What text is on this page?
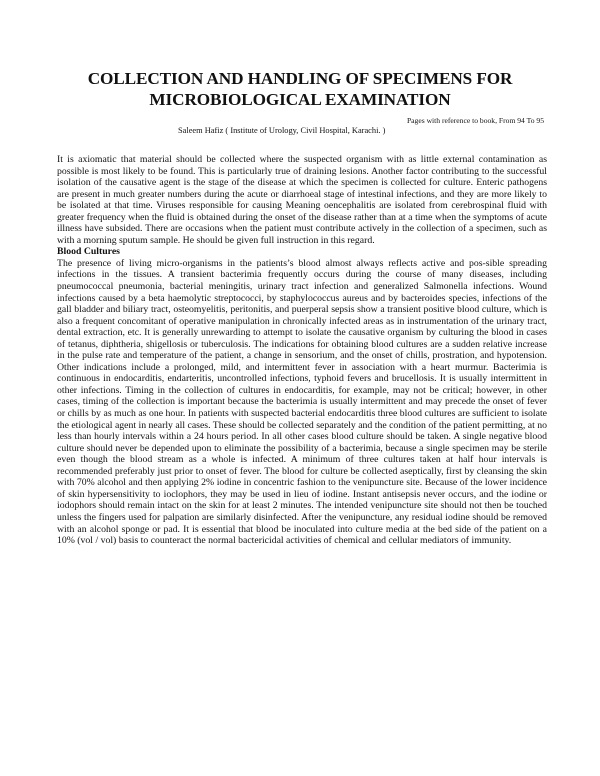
COLLECTION AND HANDLING OF SPECIMENS FOR
MICROBIOLOGICAL EXAMINATION
Pages with reference to book, From 94 To 95
Saleem Hafiz ( Institute of Urology, Civil Hospital, Karachi. )

It is axiomatic that material should be collected where the suspected organism with as little external contamination as possible is most likely to be found. This is particularly true of draining lesions. Another factor contributing to the successful isolation of the causative agent is the stage of the disease at which the specimen is collected for culture. Enteric pathogens are present in much greater numbers during the acute or diarrhoeal stage of intestinal infections, and they are more likely to be isolated at that time. Viruses responsible for causing Meaning oencephalitis are isolated from cerebrospinal fluid with greater frequency when the fluid is obtained during the onset of the disease rather than at a time when the symptoms of acute illness have subsided. There are occasions when the patient must contribute actively in the collection of a specimen, such as with a morning sputum sample. He should be given full instruction in this regard.

Blood Cultures

The presence of living micro-organisms in the patients’s blood almost always reflects active and pos-sible spreading infections in the tissues. A transient bacterimia frequently occurs during the course of many diseases, including pneumococcal pneumonia, bacterial meningitis, urinary tract infection and generalized Salmonella infections. Wound infections caused by a beta haemolytic streptococci, by staphylococcus aureus and by bacteroides species, infections of the gall bladder and biliary tract, osteomyelitis, peritonitis, and puerperal sepsis show a transient positive blood culture, which is also a frequent concomitant of operative manipulation in chronically infected areas as in instrumentation of the urinary tract, dental extraction, etc. It is generally unrewarding to attempt to isolate the causative organism by culturing the blood in cases of tetanus, diphtheria, shigellosis or tuberculosis. The indications for obtaining blood cultures are a sudden relative increase in the pulse rate and temperature of the patient, a change in sensorium, and the onset of chills, prostration, and hypotension. Other indications include a prolonged, mild, and intermittent fever in association with a heart murmur. Bacterimia is continuous in endocarditis, endarteritis, uncontrolled infections, typhoid fevers and brucellosis. It is usually intermittent in other infections. Timing in the collection of cultures in endocarditis, for example, may not be critical; however, in other cases, timing of the collection is important because the bacterimia is usually intermittent and may precede the onset of fever or chills by as much as one hour. In patients with suspected bacterial endocarditis three blood cultures are sufficient to isolate the etiological agent in nearly all cases. These should be collected separately and the condition of the patient permitting, at no less than hourly intervals within a 24 hours period. In all other cases blood culture should be taken. A single negative blood culture should never be depended upon to eliminate the possibility of a bacterimia, because a single specimen may be sterile even though the blood stream as a whole is infected. A minimum of three cultures taken at half hour intervals is recommended preferably just prior to onset of fever. The blood for culture be collected aseptically, first by cleansing the skin with 70% alcohol and then applying 2% iodine in concentric fashion to the venipuncture site. Because of the lower incidence of skin hypersensitivity to ioclophors, they may be used in lieu of iodine. Instant antisepsis never occurs, and the iodine or iodophors should remain intact on the skin for at least 2 minutes. The intended venipuncture site should not then be touched unless the fingers used for palpation are similarly disinfected. After the venipuncture, any residual iodine should be removed with an alcohol sponge or pad. It is essential that blood be inoculated into culture media at the bed side of the patient on a 10% (vol / vol) basis to counteract the normal bactericidal activities of chemical and cellular mediators of immunity.
